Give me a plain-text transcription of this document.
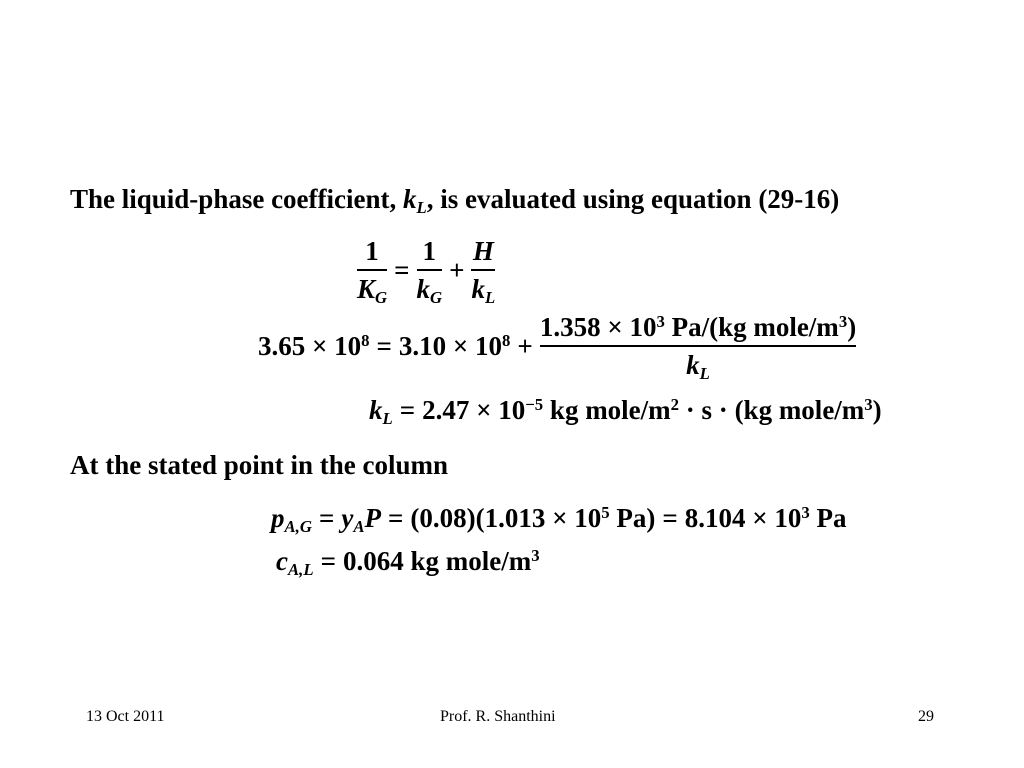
The liquid-phase coefficient, $k_L$, is evaluated using equation (29-16)
$\frac{1}{K_G} = \frac{1}{k_G} + \frac{H}{k_L}$
$3.65 \times 10^8 = 3.10 \times 10^8 + \frac{1.358 \times 10^3 Pa/(kg mole/m^3)}{k_L}$
$k_L = 2.47 \times 10^{-5}$ kg mole/$m^2 \cdot s \cdot (kg$ mole/$m^3$)
At the stated point in the column
$p_{A,G} = y_AP = (0.08)(1.013 \times 10^5$ $Pa) = 8.104 \times 10^3$ Pa
$c_{A,L} = 0.064$ kg mole/$m^3$
13 Oct 2011	Prof. R. Shanthini	29
